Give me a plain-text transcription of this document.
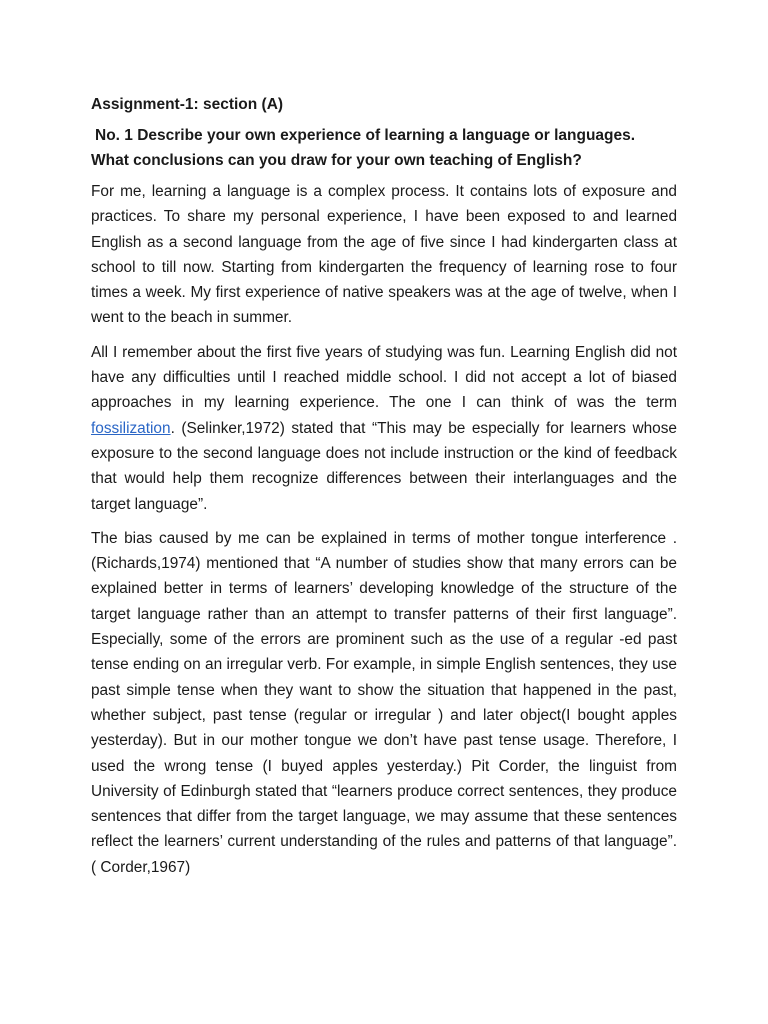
Assignment-1: section (A)

No. 1 Describe your own experience of learning a language or languages. What conclusions can you draw for your own teaching of English?

For me, learning a language is a complex process. It contains lots of exposure and practices. To share my personal experience, I have been exposed to and learned English as a second language from the age of five since I had kindergarten class at school to till now. Starting from kindergarten the frequency of learning rose to four times a week. My first experience of native speakers was at the age of twelve, when I went to the beach in summer.

All I remember about the first five years of studying was fun. Learning English did not have any difficulties until I reached middle school. I did not accept a lot of biased approaches in my learning experience. The one I can think of was the term fossilization. (Selinker,1972) stated that “This may be especially for learners whose exposure to the second language does not include instruction or the kind of feedback that would help them recognize differences between their interlanguages and the target language”.

The bias caused by me can be explained in terms of mother tongue interference . (Richards,1974) mentioned that “A number of studies show that many errors can be explained better in terms of learners’ developing knowledge of the structure of the target language rather than an attempt to transfer patterns of their first language”. Especially, some of the errors are prominent such as the use of a regular -ed past tense ending on an irregular verb. For example, in simple English sentences, they use past simple tense when they want to show the situation that happened in the past, whether subject, past tense (regular or irregular ) and later object(I bought apples yesterday). But in our mother tongue we don’t have past tense usage. Therefore, I used the wrong tense (I buyed apples yesterday.) Pit Corder, the linguist from University of Edinburgh stated that “learners produce correct sentences, they produce sentences that differ from the target language, we may assume that these sentences reflect the learners’ current understanding of the rules and patterns of that language”. ( Corder,1967)
